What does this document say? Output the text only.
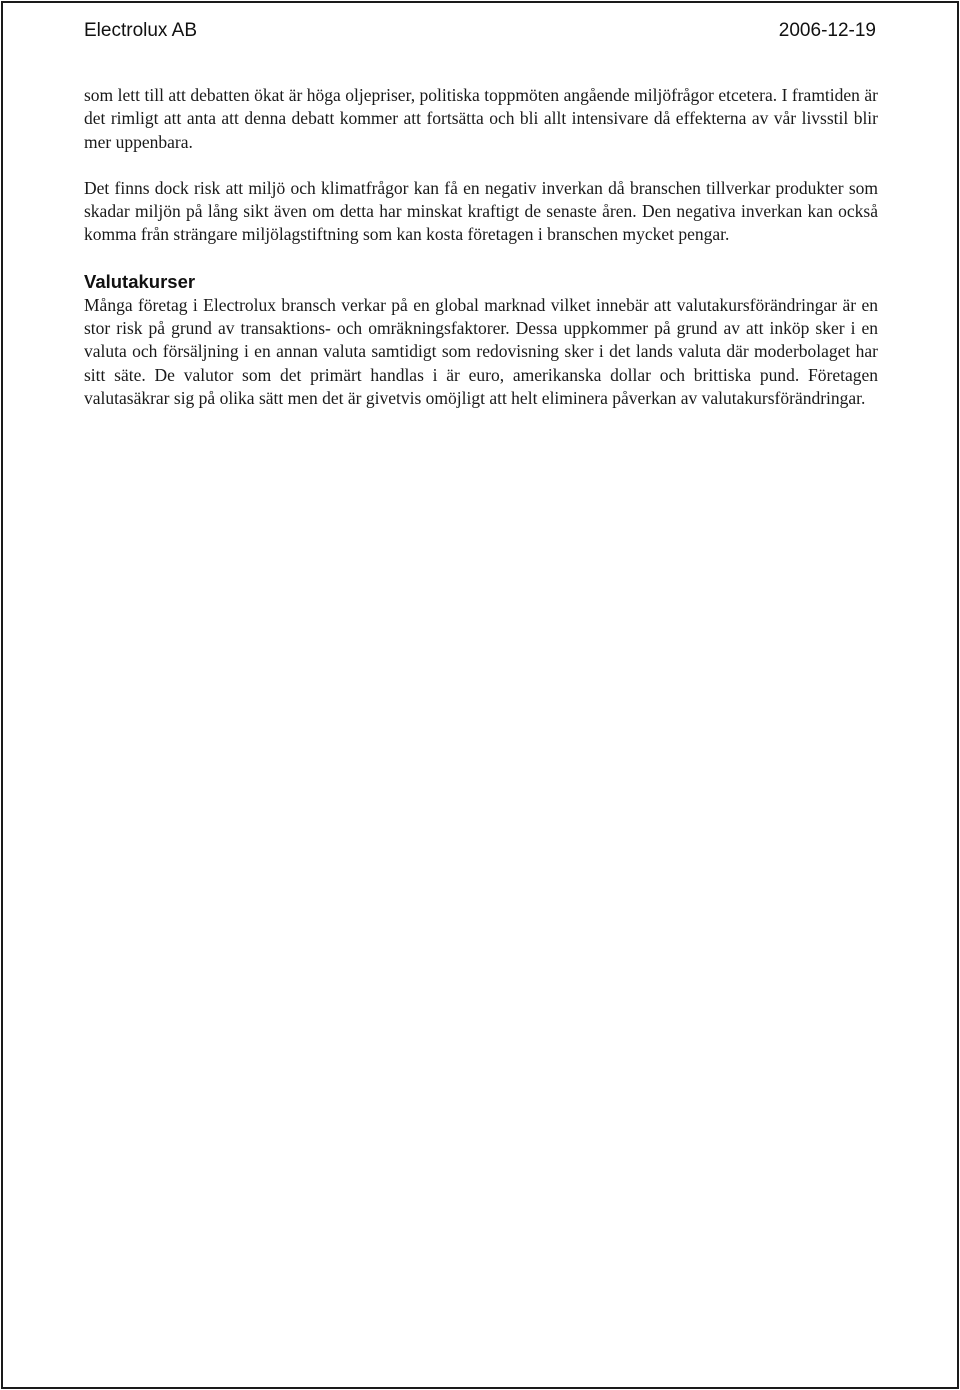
Electrolux AB	2006-12-19

som lett till att debatten ökat är höga oljepriser, politiska toppmöten angående miljöfrågor etcetera. I framtiden är det rimligt att anta att denna debatt kommer att fortsätta och bli allt intensivare då effekterna av vår livsstil blir mer uppenbara.

Det finns dock risk att miljö och klimatfrågor kan få en negativ inverkan då branschen tillverkar produkter som skadar miljön på lång sikt även om detta har minskat kraftigt de senaste åren. Den negativa inverkan kan också komma från strängare miljölagstiftning som kan kosta företagen i branschen mycket pengar.

Valutakurser

Många företag i Electrolux bransch verkar på en global marknad vilket innebär att valutakursförändringar är en stor risk på grund av transaktions- och omräkningsfaktorer. Dessa uppkommer på grund av att inköp sker i en valuta och försäljning i en annan valuta samtidigt som redovisning sker i det lands valuta där moderbolaget har sitt säte. De valutor som det primärt handlas i är euro, amerikanska dollar och brittiska pund. Företagen valutasäkrar sig på olika sätt men det är givetvis omöjligt att helt eliminera påverkan av valutakursförändringar.
